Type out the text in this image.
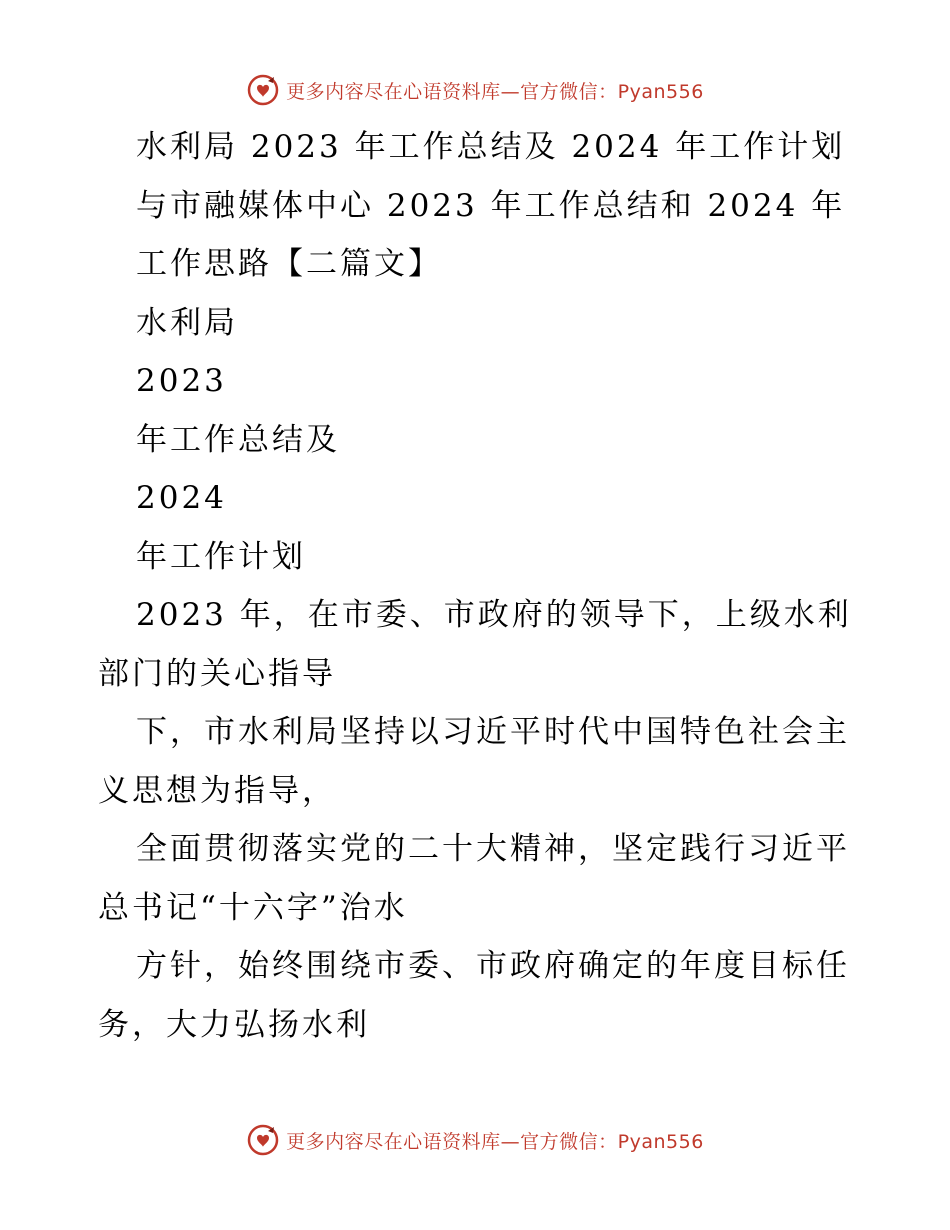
更多内容尽在心语资料库—官方微信：Pyan556
水利局 2023 年工作总结及 2024 年工作计划
与市融媒体中心 2023 年工作总结和 2024 年
工作思路【二篇文】
水利局
2023
年工作总结及
2024
年工作计划
2023 年，在市委、市政府的领导下，上级水利
部门的关心指导
下，市水利局坚持以习近平时代中国特色社会主
义思想为指导，
全面贯彻落实党的二十大精神，坚定践行习近平
总书记“十六字”治水
方针，始终围绕市委、市政府确定的年度目标任
务，大力弘扬水利
更多内容尽在心语资料库—官方微信：Pyan556
